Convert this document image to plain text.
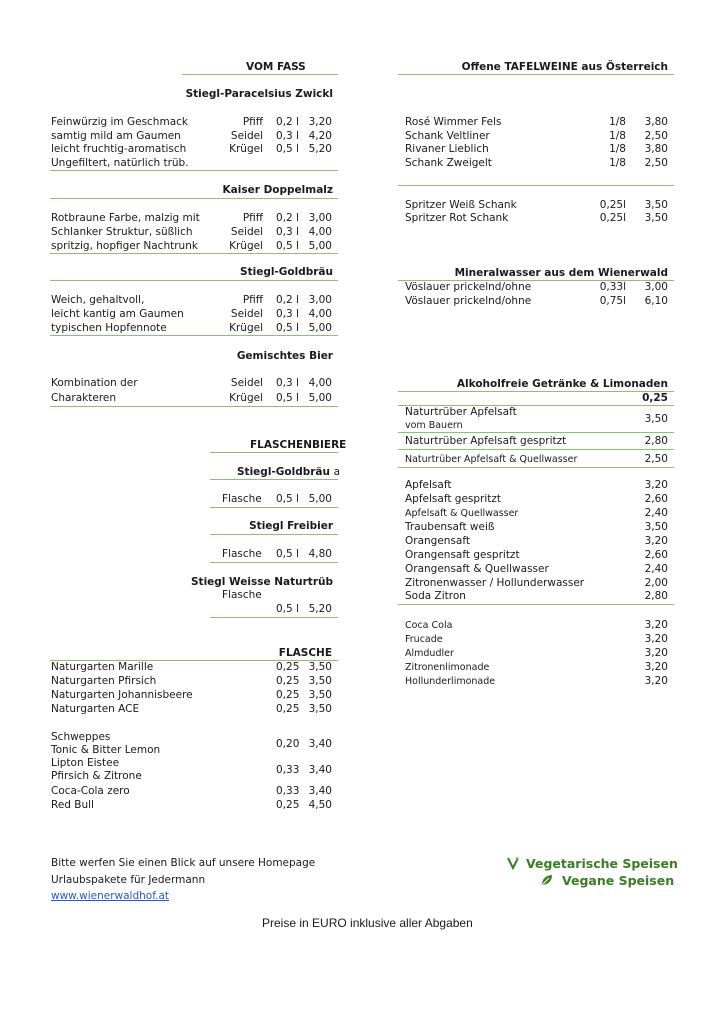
VOM FASS
Stiegl-Paracelsius Zwickl
Feinwürzig im Geschmack
samtig mild am Gaumen
leicht fruchtig-aromatisch
Ungefiltert, natürlich trüb.
Pfiff 0,2 l 3,20
Seidel 0,3 l 4,20
Krügel 0,5 l 5,20
Kaiser Doppelmalz
Rotbraune Farbe, malzig mit
Schlanker Struktur, süßlich
spritzig, hopfiger Nachtrunk
Pfiff 0,2 l 3,00
Seidel 0,3 l 4,00
Krügel 0,5 l 5,00
Stiegl-Goldbräu
Weich, gehaltvoll,
leicht kantig am Gaumen
typischen Hopfennote
Pfiff 0,2 l 3,00
Seidel 0,3 l 4,00
Krügel 0,5 l 5,00
Gemischtes Bier
Kombination der
Charakteren
Seidel 0,3 l 4,00
Krügel 0,5 l 5,00
FLASCHENBIERE
Stiegl-Goldbräu a
Flasche 0,5 l 5,00
Stiegl Freibier
Flasche 0,5 l 4,80
Stiegl Weisse Naturtrüb
Flasche
0,5 l 5,20
FLASCHE
Naturgarten Marille	0,25 3,50
Naturgarten Pfirsich	0,25 3,50
Naturgarten Johannisbeere	0,25 3,50
Naturgarten ACE	0,25 3,50
Schweppes
Tonic & Bitter Lemon	0,20 3,40
Lipton Eistee
Pfirsich & Zitrone	0,33 3,40
Coca-Cola zero	0,33 3,40
Red Bull	0,25 4,50
Offene TAFELWEINE aus Österreich
Rosé Wimmer Fels	1/8	3,80
Schank Veltliner	1/8	2,50
Rivaner Lieblich	1/8	3,80
Schank Zweigelt	1/8	2,50
Spritzer Weiß Schank	0,25l	3,50
Spritzer Rot Schank	0,25l	3,50
Mineralwasser aus dem Wienerwald
Vöslauer prickelnd/ohne	0,33l	3,00
Vöslauer prickelnd/ohne	0,75l	6,10
Alkoholfreie Getränke & Limonaden
0,25
Naturtrüber Apfelsaft
vom Bauern
3,50
Naturtrüber Apfelsaft gespritzt	2,80
Naturtrüber Apfelsaft & Quellwasser	2,50
Apfelsaft	3,20
Apfelsaft gespritzt	2,60
Apfelsaft & Quellwasser	2,40
Traubensaft weiß	3,50
Orangensaft	3,20
Orangensaft gespritzt	2,60
Orangensaft & Quellwasser	2,40
Zitronenwasser / Hollunderwasser	2,00
Soda Zitron	2,80
Coca Cola	3,20
Frucade	3,20
Almdudler	3,20
Zitronenlimonade	3,20
Hollunderlimonade	3,20
Bitte werfen Sie einen Blick auf unsere Homepage
Urlaubspakete für Jedermann
www.wienerwaldhof.at
Vegetarische Speisen
Vegane Speisen
Preise in EURO inklusive aller Abgaben
